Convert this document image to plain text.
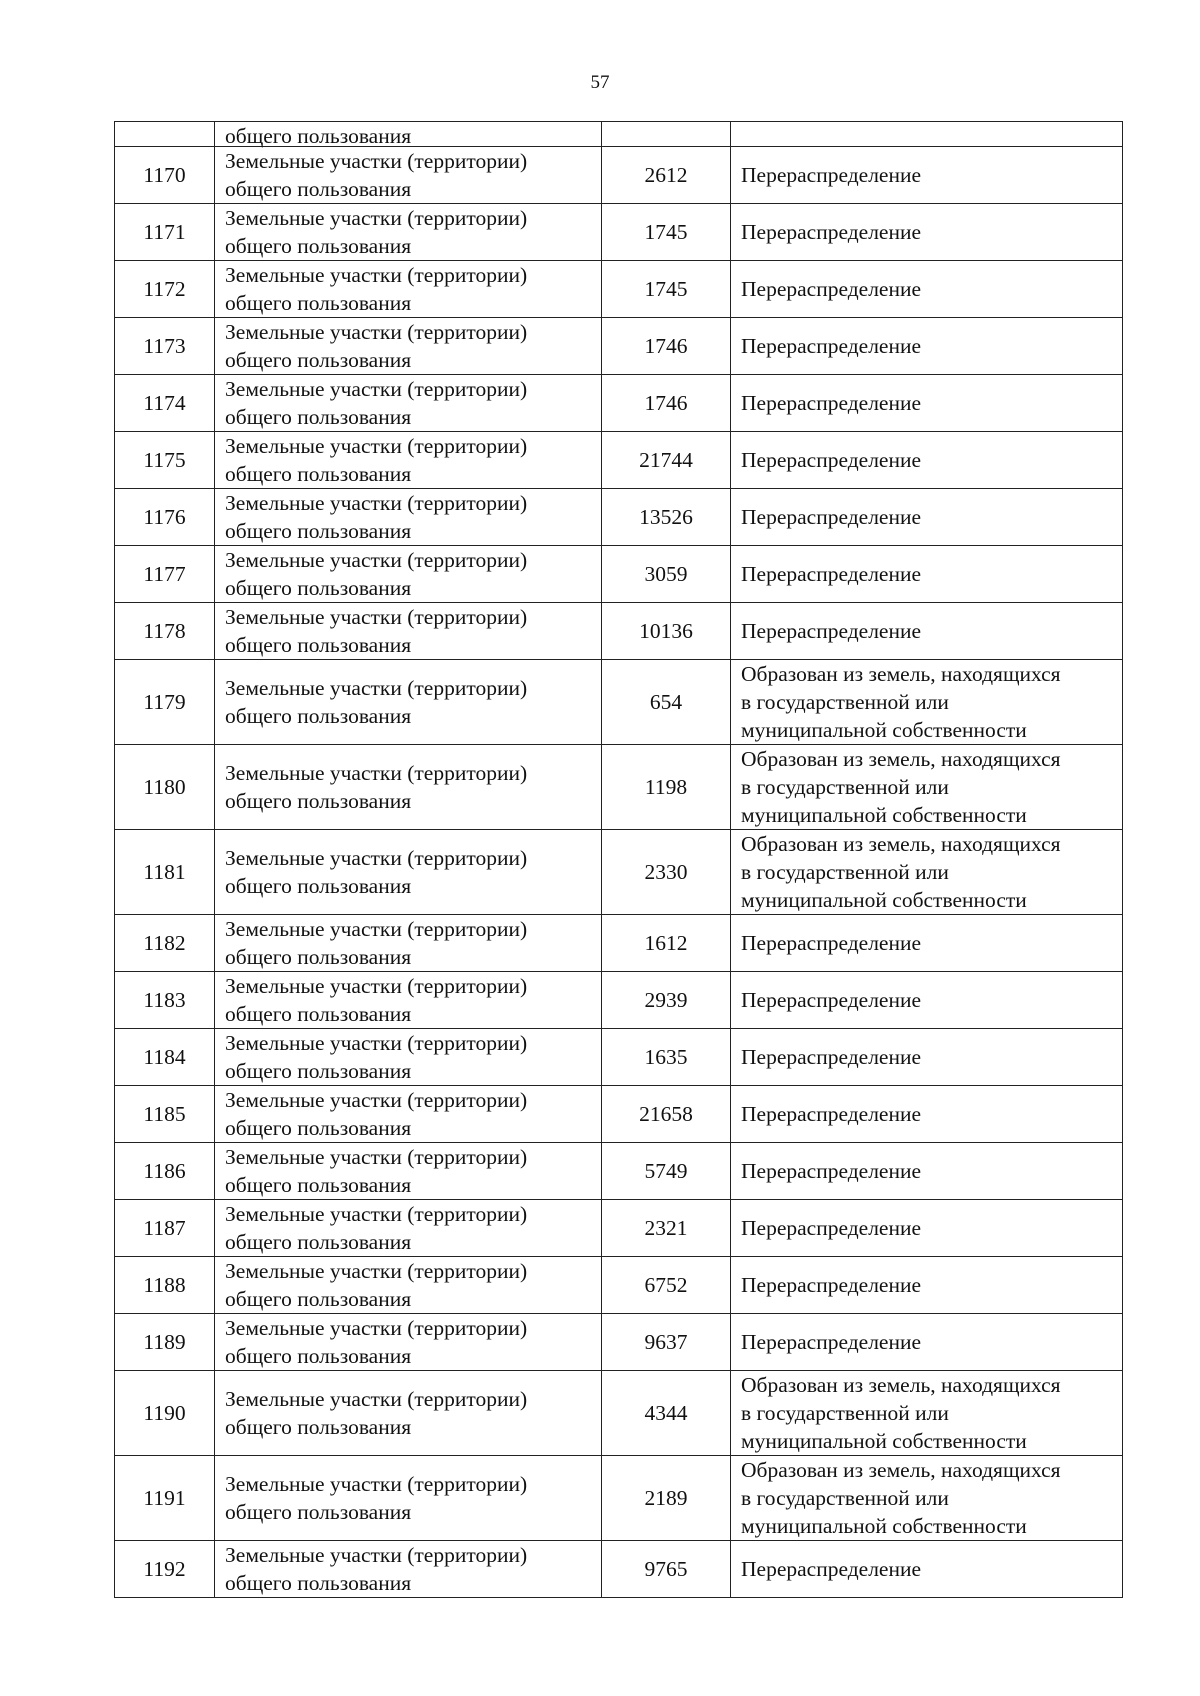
57
	общего пользования		
1170	Земельные участки (территории)
общего пользования	2612	Перераспределение

1171	Земельные участки (территории)
общего пользования	1745	Перераспределение

1172	Земельные участки (территории)
общего пользования	1745	Перераспределение

1173	Земельные участки (территории)
общего пользования	1746	Перераспределение

1174	Земельные участки (территории)
общего пользования	1746	Перераспределение

1175	Земельные участки (территории)
общего пользования	21744	Перераспределение

1176	Земельные участки (территории)
общего пользования	13526	Перераспределение

1177	Земельные участки (территории)
общего пользования	3059	Перераспределение

1178	Земельные участки (территории)
общего пользования	10136	Перераспределение

1179	Земельные участки (территории)
общего пользования	654	Образован из земель, находящихся
в государственной или
муниципальной собственности

1180	Земельные участки (территории)
общего пользования	1198	Образован из земель, находящихся
в государственной или
муниципальной собственности

1181	Земельные участки (территории)
общего пользования	2330	Образован из земель, находящихся
в государственной или
муниципальной собственности

1182	Земельные участки (территории)
общего пользования	1612	Перераспределение

1183	Земельные участки (территории)
общего пользования	2939	Перераспределение

1184	Земельные участки (территории)
общего пользования	1635	Перераспределение

1185	Земельные участки (территории)
общего пользования	21658	Перераспределение

1186	Земельные участки (территории)
общего пользования	5749	Перераспределение

1187	Земельные участки (территории)
общего пользования	2321	Перераспределение

1188	Земельные участки (территории)
общего пользования	6752	Перераспределение

1189	Земельные участки (территории)
общего пользования	9637	Перераспределение

1190	Земельные участки (территории)
общего пользования	4344	Образован из земель, находящихся
в государственной или
муниципальной собственности

1191	Земельные участки (территории)
общего пользования	2189	Образован из земель, находящихся
в государственной или
муниципальной собственности

1192	Земельные участки (территории)
общего пользования	9765	Перераспределение
